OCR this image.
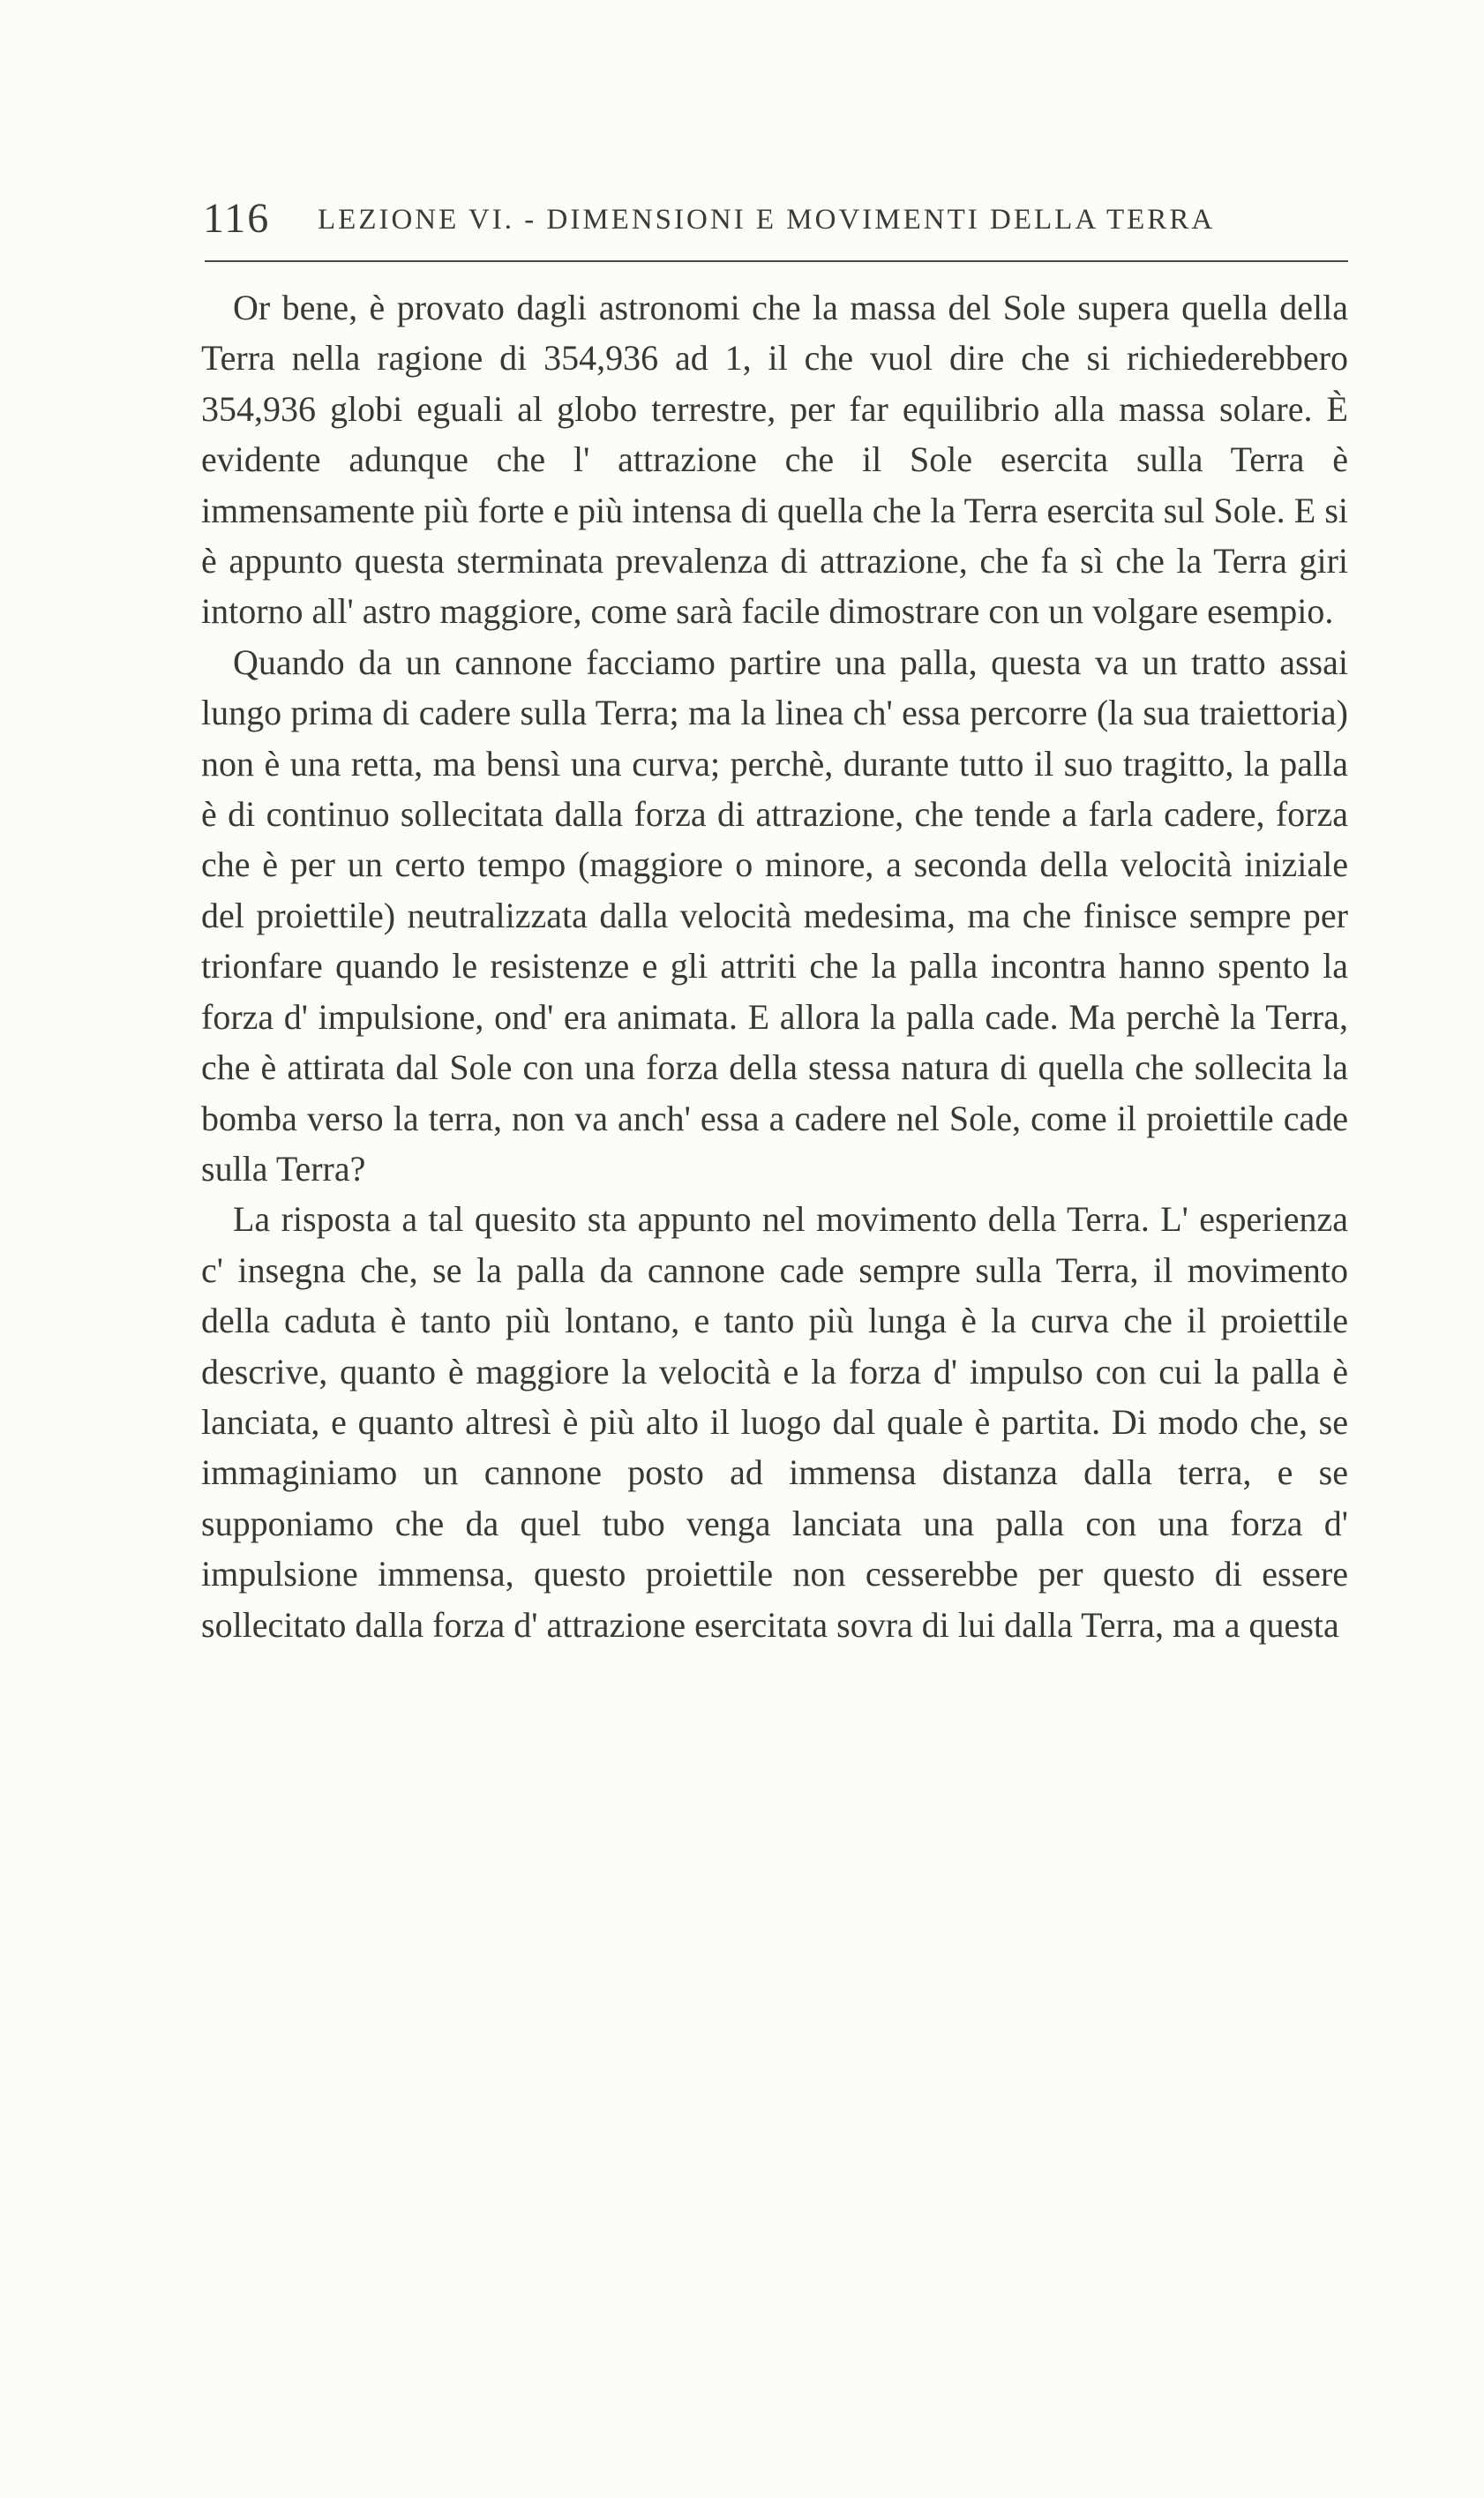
116 LEZIONE VI. - DIMENSIONI E MOVIMENTI DELLA TERRA

Or bene, è provato dagli astronomi che la massa del Sole supera quella della Terra nella ragione di 354,936 ad 1, il che vuol dire che si richiederebbero 354,936 globi eguali al globo terrestre, per far equilibrio alla massa solare. È evidente adunque che l' attrazione che il Sole esercita sulla Terra è immensamente più forte e più intensa di quella che la Terra esercita sul Sole. E si è appunto questa sterminata prevalenza di attrazione, che fa sì che la Terra giri intorno all' astro maggiore, come sarà facile dimostrare con un volgare esempio.

Quando da un cannone facciamo partire una palla, questa va un tratto assai lungo prima di cadere sulla Terra; ma la linea ch' essa percorre (la sua traiettoria) non è una retta, ma bensì una curva; perchè, durante tutto il suo tragitto, la palla è di continuo sollecitata dalla forza di attrazione, che tende a farla cadere, forza che è per un certo tempo (maggiore o minore, a seconda della velocità iniziale del proiettile) neutralizzata dalla velocità medesima, ma che finisce sempre per trionfare quando le resistenze e gli attriti che la palla incontra hanno spento la forza d' impulsione, ond' era animata. E allora la palla cade. Ma perchè la Terra, che è attirata dal Sole con una forza della stessa natura di quella che sollecita la bomba verso la terra, non va anch' essa a cadere nel Sole, come il proiettile cade sulla Terra?

La risposta a tal quesito sta appunto nel movimento della Terra. L' esperienza c' insegna che, se la palla da cannone cade sempre sulla Terra, il movimento della caduta è tanto più lontano, e tanto più lunga è la curva che il proiettile descrive, quanto è maggiore la velocità e la forza d' impulso con cui la palla è lanciata, e quanto altresì è più alto il luogo dal quale è partita. Di modo che, se immaginiamo un cannone posto ad immensa distanza dalla terra, e se supponiamo che da quel tubo venga lanciata una palla con una forza d' impulsione immensa, questo proiettile non cesserebbe per questo di essere sollecitato dalla forza d' attrazione esercitata sovra di lui dalla Terra, ma a questa
